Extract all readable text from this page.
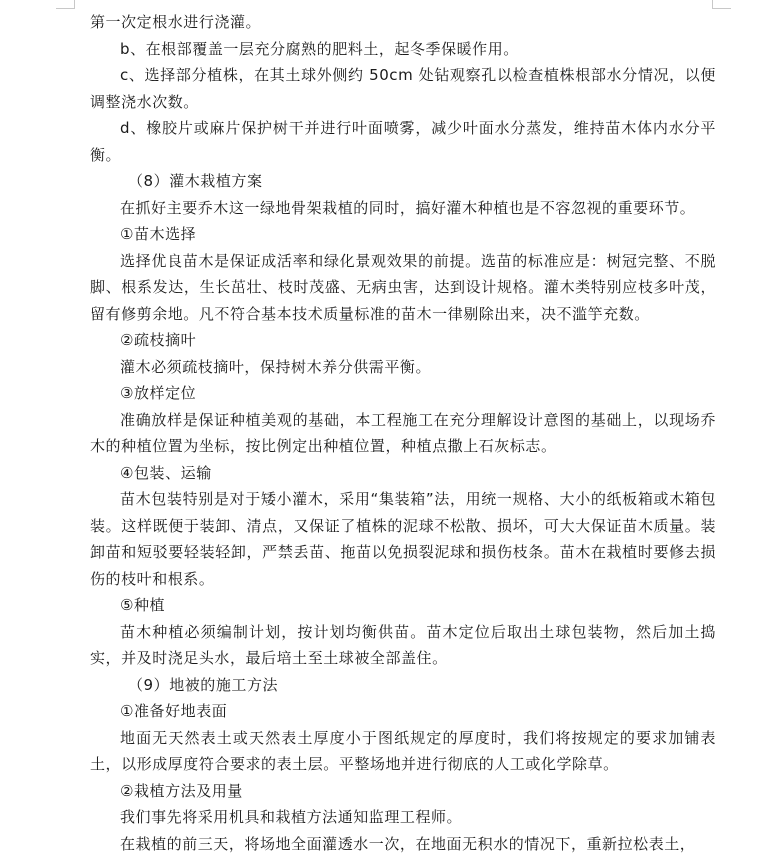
第一次定根水进行浇灌。

b、在根部覆盖一层充分腐熟的肥料土，起冬季保暖作用。

c、选择部分植株，在其土球外侧约 50cm 处钻观察孔以检查植株根部水分情况，以便调整浇水次数。

d、橡胶片或麻片保护树干并进行叶面喷雾，减少叶面水分蒸发，维持苗木体内水分平衡。

（8）灌木栽植方案

在抓好主要乔木这一绿地骨架栽植的同时，搞好灌木种植也是不容忽视的重要环节。

①苗木选择

选择优良苗木是保证成活率和绿化景观效果的前提。选苗的标准应是：树冠完整、不脱脚、根系发达，生长茁壮、枝时茂盛、无病虫害，达到设计规格。灌木类特别应枝多叶茂，留有修剪余地。凡不符合基本技术质量标准的苗木一律剔除出来，决不滥竽充数。

②疏枝摘叶

灌木必须疏枝摘叶，保持树木养分供需平衡。

③放样定位

准确放样是保证种植美观的基础，本工程施工在充分理解设计意图的基础上，以现场乔木的种植位置为坐标，按比例定出种植位置，种植点撒上石灰标志。

④包装、运输

苗木包装特别是对于矮小灌木，采用“集装箱”法，用统一规格、大小的纸板箱或木箱包装。这样既便于装卸、清点，又保证了植株的泥球不松散、损坏，可大大保证苗木质量。装卸苗和短驳要轻装轻卸，严禁丢苗、拖苗以免损裂泥球和损伤枝条。苗木在栽植时要修去损伤的枝叶和根系。

⑤种植

苗木种植必须编制计划，按计划均衡供苗。苗木定位后取出土球包装物，然后加土捣实，并及时浇足头水，最后培土至土球被全部盖住。

（9）地被的施工方法

①准备好地表面

地面无天然表土或天然表土厚度小于图纸规定的厚度时，我们将按规定的要求加铺表土，以形成厚度符合要求的表土层。平整场地并进行彻底的人工或化学除草。

②栽植方法及用量

我们事先将采用机具和栽植方法通知监理工程师。

在栽植的前三天，将场地全面灌透水一次，在地面无积水的情况下，重新拉松表土，
